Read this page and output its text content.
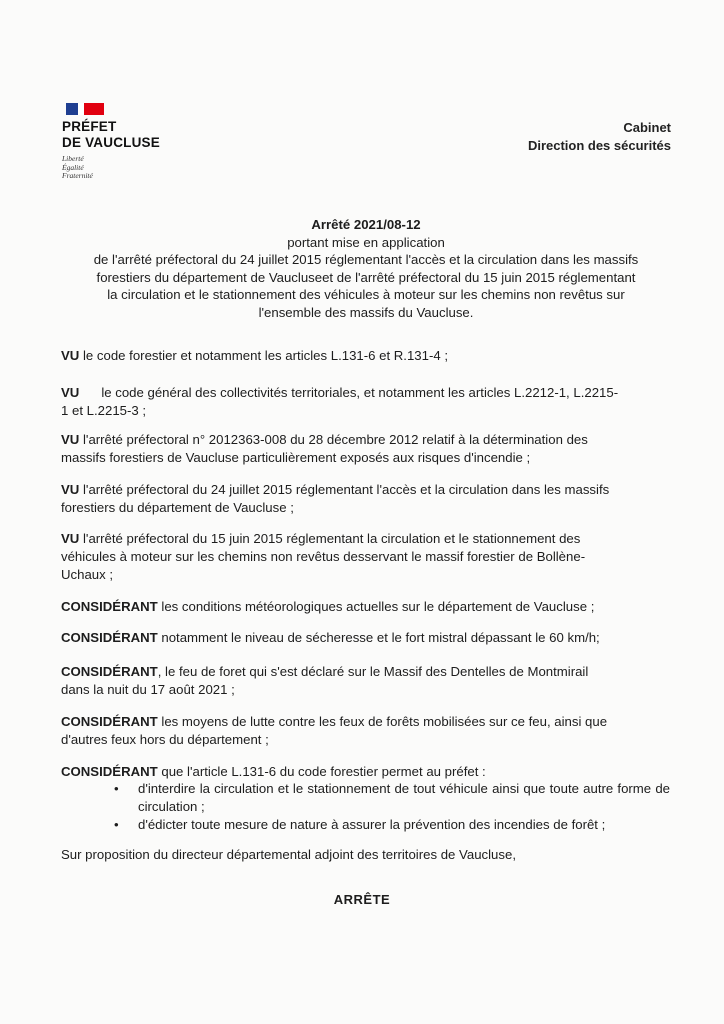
PRÉFET
DE VAUCLUSE
Liberté
Égalité
Fraternité
Cabinet
Direction des sécurités
Arrêté 2021/08-12
portant mise en application
de l'arrêté préfectoral du 24 juillet 2015 réglementant l'accès et la circulation dans les massifs
forestiers du département de Vaucluseet de l'arrêté préfectoral du 15 juin 2015 réglementant
la circulation et le stationnement des véhicules à moteur sur les chemins non revêtus sur
l'ensemble des massifs du Vaucluse.
VU le code forestier et notamment les articles L.131-6 et R.131-4 ;
VU le code général des collectivités territoriales, et notamment les articles L.2212-1, L.2215-
1 et L.2215-3 ;
VU l'arrêté préfectoral n° 2012363-008 du 28 décembre 2012 relatif à la détermination des
massifs forestiers de Vaucluse particulièrement exposés aux risques d'incendie ;
VU l'arrêté préfectoral du 24 juillet 2015 réglementant l'accès et la circulation dans les massifs
forestiers du département de Vaucluse ;
VU l'arrêté préfectoral du 15 juin 2015 réglementant la circulation et le stationnement des
véhicules à moteur sur les chemins non revêtus desservant le massif forestier de Bollène-
Uchaux ;
CONSIDÉRANT les conditions météorologiques actuelles sur le département de Vaucluse ;
CONSIDÉRANT notamment le niveau de sécheresse et le fort mistral dépassant le 60 km/h;
CONSIDÉRANT, le feu de foret qui s'est déclaré sur le Massif des Dentelles de Montmirail
dans la nuit du 17 août 2021 ;
CONSIDÉRANT les moyens de lutte contre les feux de forêts mobilisées sur ce feu, ainsi que
d'autres feux hors du département ;
CONSIDÉRANT que l'article L.131-6 du code forestier permet au préfet :
• d'interdire la circulation et le stationnement de tout véhicule ainsi que toute autre forme de circulation ;
• d'édicter toute mesure de nature à assurer la prévention des incendies de forêt ;
Sur proposition du directeur départemental adjoint des territoires de Vaucluse,
ARRÊTE
